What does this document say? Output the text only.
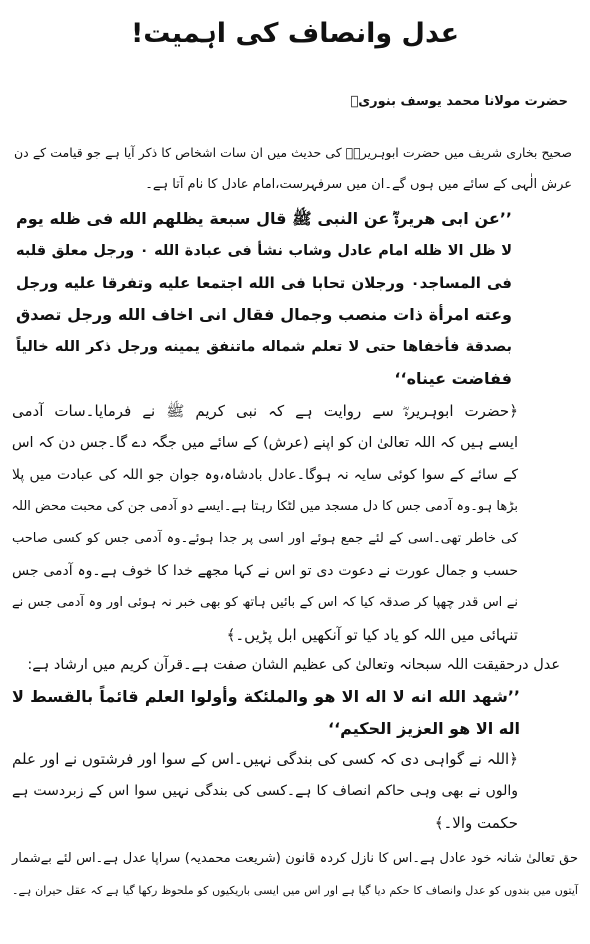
عدل وانصاف کی اہمیت!
حضرت مولانا محمد یوسف بنوریؒ
صحیح بخاری شریف میں حضرت ابوہریرہؓ کی حدیث میں ان سات اشخاص کا ذکر آیا ہے جو قیامت کے دن
عرش الٰہی کے سائے میں ہوں گے۔ان میں سرفہرست،امام عادل کا نام آتا ہے۔
’’عن ابی ھریرۃؓ عن النبی ﷺ قال سبعة يظلهم الله فی ظله یوم
لا ظل الا ظله امام عادل وشاب نشأ فی عبادة الله ۰ ورجل معلق قلبه
فی المساجد۰ ورجلان تحابا فی الله اجتمعا علیه وتفرقا علیه ورجل
وعته امرأة ذات منصب وجمال فقال انی اخاف الله ورجل تصدق
بصدقة فأخفاها حتی لا تعلم شماله ماتنفق یمینه ورجل ذكر الله خالیاً
ففاضت عیناه‘‘
﴿حضرت ابوہریرہؓ سے روایت ہے کہ نبی کریم ﷺ نے فرمایا۔سات آدمی
ایسے ہیں کہ اللہ تعالیٰ ان کو اپنے (عرش) کے سائے میں جگہ دے گا۔جس دن کہ اس
کے سائے کے سوا کوئی سایہ نہ ہوگا۔عادل بادشاہ،وہ جوان جو اللہ کی عبادت میں پلا
بڑھا ہو۔وہ آدمی جس کا دل مسجد میں لٹکا رہتا ہے۔ایسے دو آدمی جن کی محبت محض اللہ
کی خاطر تھی۔اسی کے لئے جمع ہوئے اور اسی پر جدا ہوئے۔وہ آدمی جس کو کسی صاحب
حسب و جمال عورت نے دعوت دی تو اس نے کہا مجھے خدا کا خوف ہے۔وہ آدمی جس
نے اس قدر چھپا کر صدقہ کیا کہ اس کے بائیں ہاتھ کو بھی خبر نہ ہوئی اور وہ آدمی جس نے
تنہائی میں اللہ کو یاد کیا تو آنکھیں ابل پڑیں۔﴾
عدل درحقیقت اللہ سبحانہ وتعالیٰ کی عظیم الشان صفت ہے۔قرآن کریم میں ارشاد ہے:
’’شهد الله انه لا اله الا هو والملئكة وأولوا العلم قائماً بالقسط لا
اله الا هو العزیز الحکیم‘‘
﴿اللہ نے گواہی دی کہ کسی کی بندگی نہیں۔اس کے سوا اور فرشتوں نے اور علم
والوں نے بھی وہی حاکم انصاف کا ہے۔کسی کی بندگی نہیں سوا اس کے زبردست ہے
حکمت والا۔﴾
حق تعالیٰ شانہ خود عادل ہے۔اس کا نازل کردہ قانون (شریعت محمدیہ) سراپا عدل ہے۔اس لئے بےشمار
آیتوں میں بندوں کو عدل وانصاف کا حکم دیا گیا ہے اور اس میں ایسی باریکیوں کو ملحوظ رکھا گیا ہے کہ عقل حیران ہے۔
